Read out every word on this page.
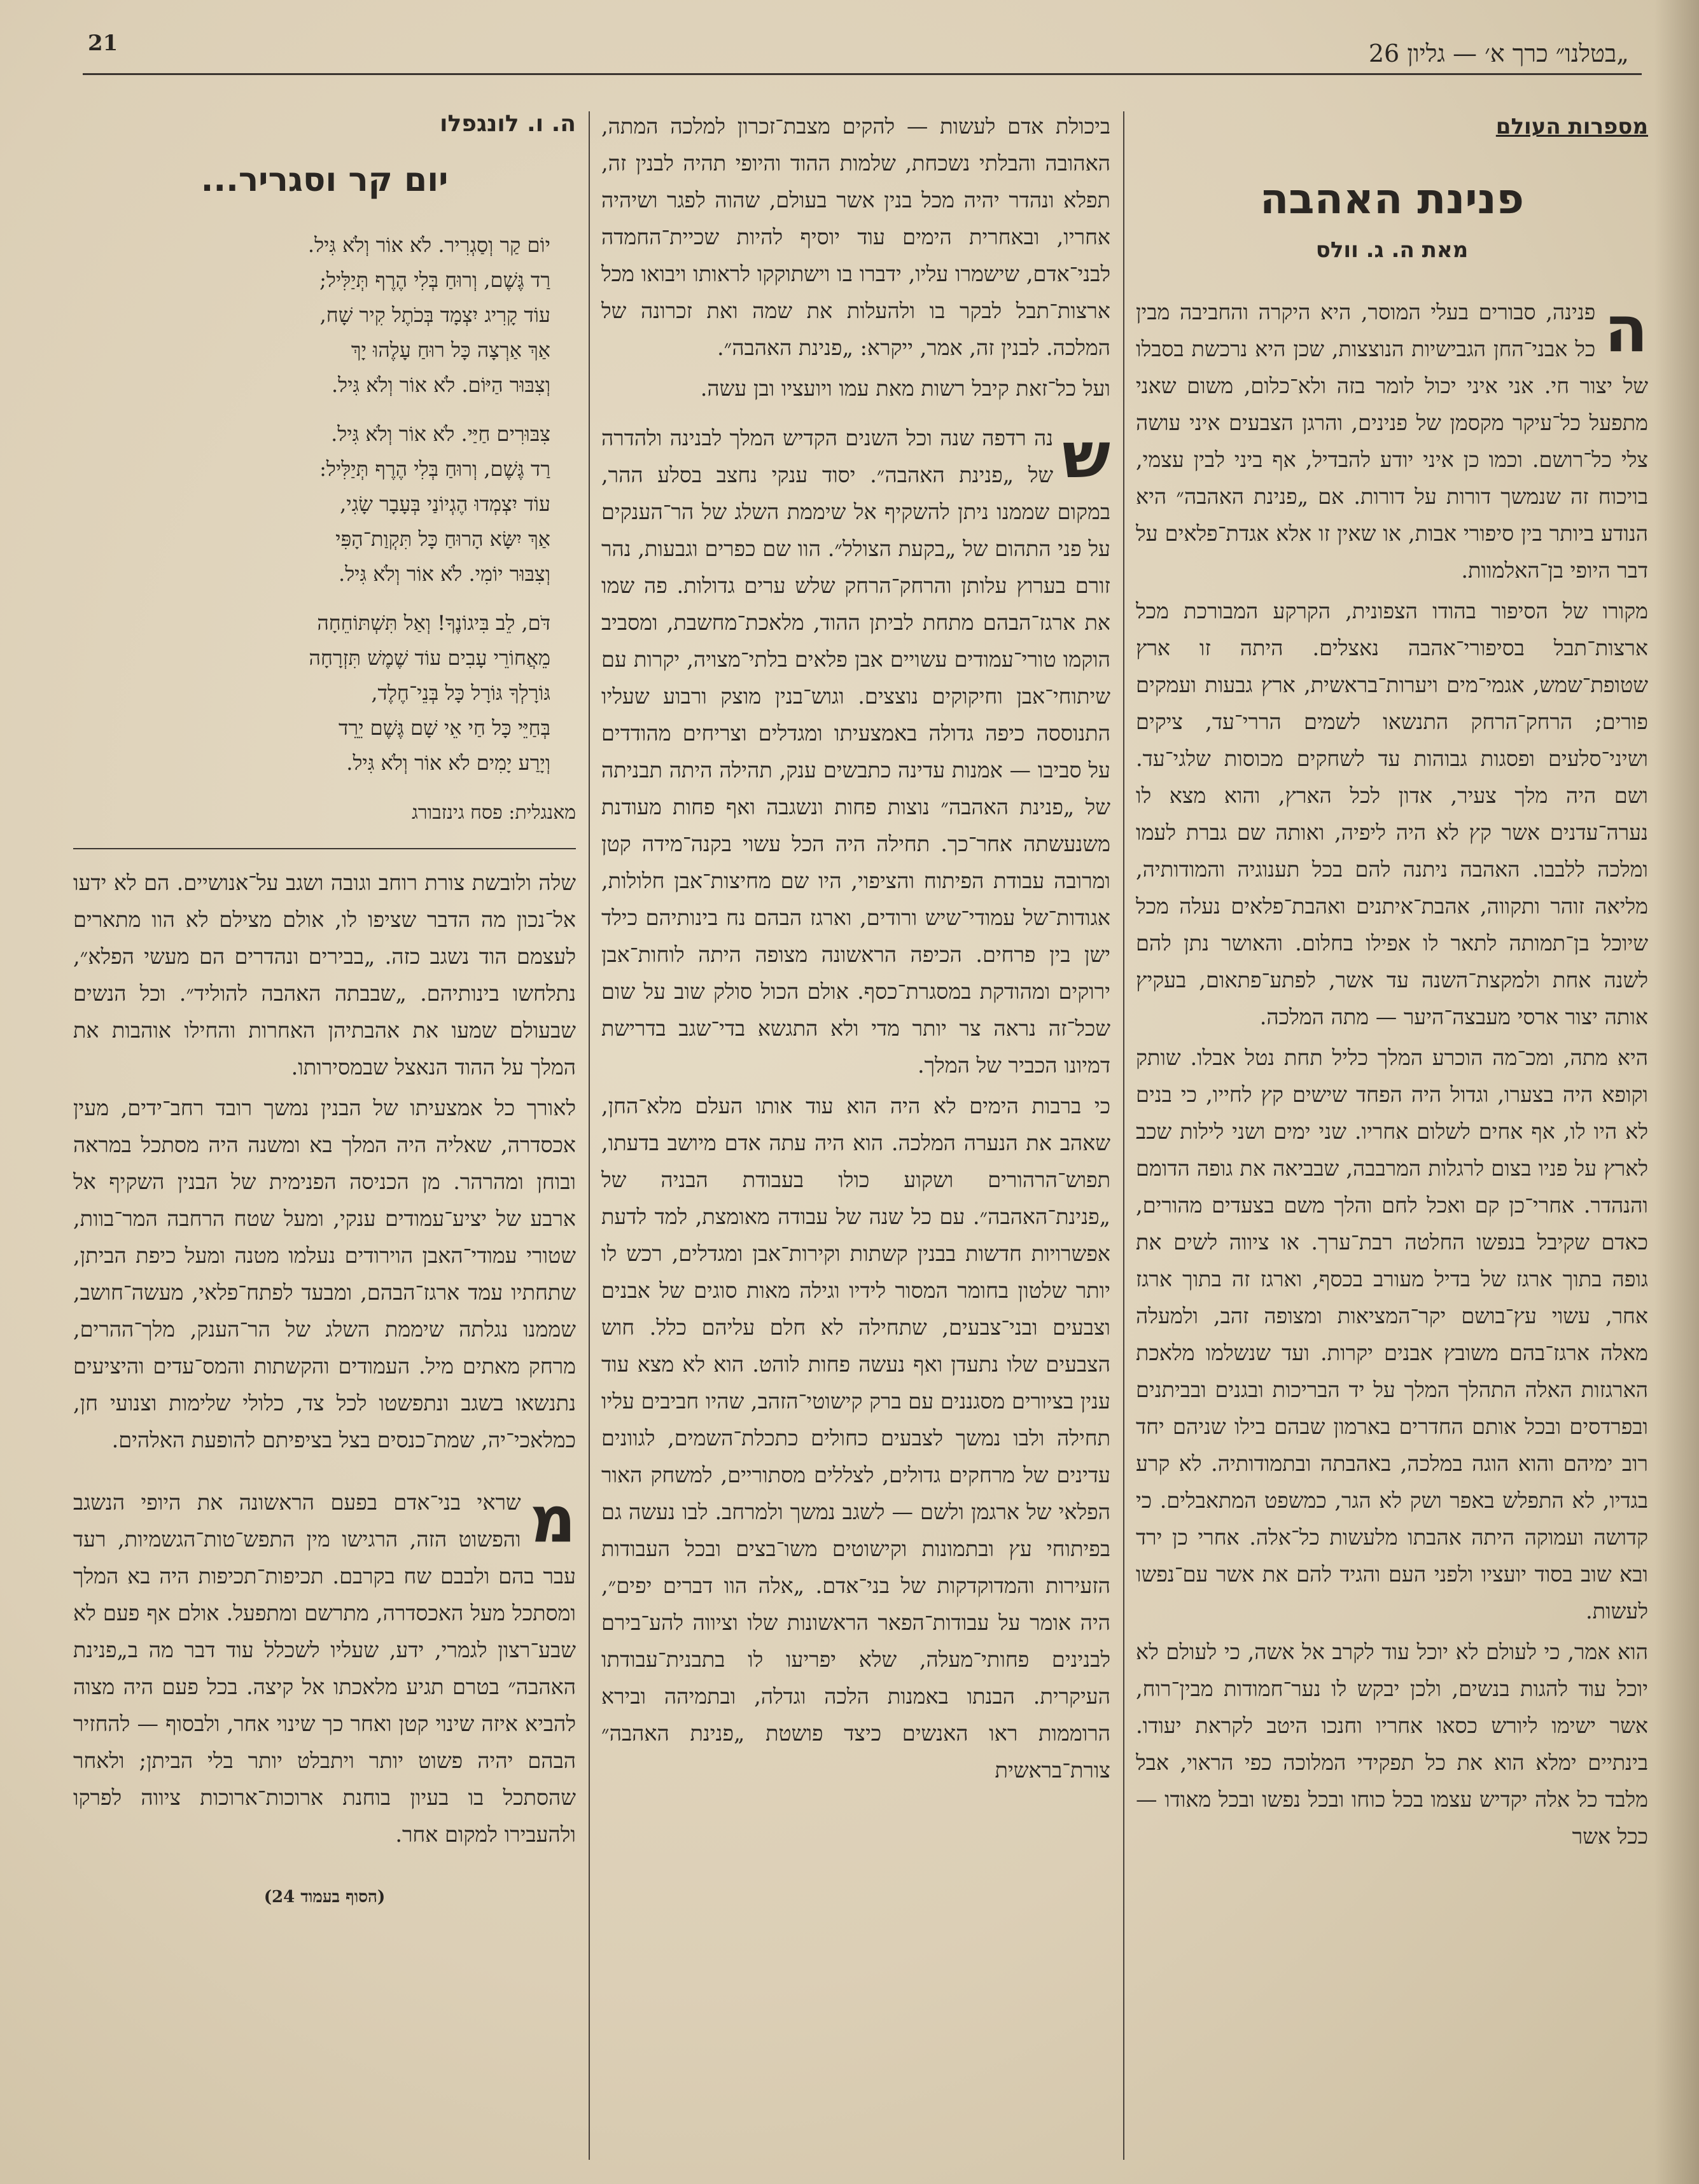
21	„בטלנו״ כרך א׳ — גליון 26
מספרות העולם
פנינת האהבה
מאת ה. ג. וולס

ה
פנינה, סבורים בעלי המוסר, היא היקרה והחביבה מבין כל אבני־החן הגבישיות הנוצצות, שכן היא נרכשת בסבלו של יצור חי. אני איני יכול לומר בזה ולא־כלום, משום שאני מתפעל כל־עיקר מקסמן של פנינים, והרגן הצבעים איני עושה צלי כל־רושם. וכמו כן איני יודע להבדיל, אף ביני לבין עצמי, בויכוח זה שנמשך דורות על דורות. אם „פנינת האהבה״ היא הנודע ביותר בין סיפורי אבות, או שאין זו אלא אגדת־פלאים על דבר היופי בן־האלמוות.

מקורו של הסיפור בהודו הצפונית, הקרקע המבורכת מכל ארצות־תבל בסיפורי־אהבה נאצלים. היתה זו ארץ שטופת־שמש, אגמי־מים ויערות־בראשית, ארץ גבעות ועמקים פורים; הרחק־הרחק התנשאו לשמים הררי־עד, ציקים ושיני־סלעים ופסגות גבוהות עד לשחקים מכוסות שלגי־עד. ושם היה מלך צעיר, אדון לכל הארץ, והוא מצא לו נערה־עדנים אשר קץ לא היה ליפיה, ואותה שם גברת לעמו ומלכה ללבבו. האהבה ניתנה להם בכל תענוגיה והמודותיה, מליאה זוהר ותקווה, אהבת־איתנים ואהבת־פלאים נעלה מכל שיוכל בן־תמותה לתאר לו אפילו בחלום. והאושר נתן להם לשנה אחת ולמקצת־השנה עד אשר, לפתע־פתאום, בעקיץ אותה יצור ארסי מעבצה־היער — מתה המלכה.

היא מתה, ומכ־מה הוכרע המלך כליל תחת נטל אבלו. שותק וקופא היה בצערו, וגדול היה הפחד שישים קץ לחייו, כי בנים לא היו לו, אף אחים לשלום אחריו. שני ימים ושני לילות שכב לארץ על פניו בצום לרגלות המרבבה, שבביאה את גופה הדומם והנהדר. אחרי־כן קם ואכל לחם והלך משם בצעדים מהורים, כאדם שקיבל בנפשו החלטה רבת־ערך. או ציווה לשים את גופה בתוך ארגז של בדיל מעורב בכסף, וארגז זה בתוך ארגז אחר, עשוי עץ־בושם יקר־המציאות ומצופה זהב, ולמעלה מאלה ארגז־בהם משובץ אבנים יקרות. ועד שנשלמו מלאכת הארגזות האלה התהלך המלך על יד הבריכות ובגנים ובביתנים ובפרדסים ובכל אותם החדרים בארמון שבהם בילו שניהם יחד רוב ימיהם והוא הוגה במלכה, באהבתה ובתמודותיה. לא קרע בגדיו, לא התפלש באפר ושק לא הגר, כמשפט המתאבלים. כי קדושה ועמוקה היתה אהבתו מלעשות כל־אלה. אחרי כן ירד ובא שוב בסוד יועציו ולפני העם והגיד להם את אשר עם־נפשו לעשות.

הוא אמר, כי לעולם לא יוכל עוד לקרב אל אשה, כי לעולם לא יוכל עוד להגות בנשים, ולכן יבקש לו נער־חמודות מבין־רוח, אשר ישימו ליורש כסאו אחריו וחנכו היטב לקראת יעודו. בינתיים ימלא הוא את כל תפקידי המלוכה כפי הראוי, אבל מלבד כל אלה יקדיש עצמו בכל כוחו ובכל נפשו ובכל מאודו — ככל אשר

ביכולת אדם לעשות — להקים מצבת־זכרון למלכה המתה, האהובה והבלתי נשכחת, שלמות ההוד והיופי תהיה לבנין זה, תפלא ונהדר יהיה מכל בנין אשר בעולם, שהוה לפגר ושיהיה אחריו, ובאחרית הימים עוד יוסיף להיות שכיית־החמדה לבני־אדם, שישמרו עליו, ידברו בו וישתוקקו לראותו ויבואו מכל ארצות־תבל לבקר בו ולהעלות את שמה ואת זכרונה של המלכה. לבנין זה, אמר, ייקרא: „פנינת האהבה״.

ועל כל־זאת קיבל רשות מאת עמו ויועציו ובן עשה.

ש
נה רדפה שנה וכל השנים הקדיש המלך לבנינה ולהדרה של „פנינת האהבה״. יסוד ענקי נחצב בסלע ההר, במקום שממנו ניתן להשקיף אל שיממת השלג של הר־הענקים על פני התהום של „בקעת הצולל״. הוו שם כפרים וגבעות, נהר זורם בערוץ עלותן והרחק־הרחק שלש ערים גדולות. פה שמו את ארגז־הבהם מתחת לביתן ההוד, מלאכת־מחשבת, ומסביב הוקמו טורי־עמודים עשויים אבן פלאים בלתי־מצויה, יקרות עם שיתוחי־אבן וחיקוקים נוצצים. וגוש־בנין מוצק ורבוע שעליו התנוססה כיפה גדולה באמצעיתו ומגדלים וצריחים מהודדים על סביבו — אמנות עדינה כתבשים ענק, תהילה היתה תבניתה של „פנינת האהבה״ נוצות פחות ונשגבה ואף פחות מעודנת משנעשתה אחר־כך. תחילה היה הכל עשוי בקנה־מידה קטן ומרובה עבודת הפיתוח והציפוי, היו שם מחיצות־אבן חלולות, אגודות־של עמודי־שיש ורודים, וארגז הבהם נח בינותיהם כילד ישן בין פרחים. הכיפה הראשונה מצופה היתה לוחות־אבן ירוקים ומהודקת במסגרת־כסף. אולם הכול סולק שוב על שום שכל־זה נראה צר יותר מדי ולא התגשא בדי־שגב בדרישת דמיונו הכביר של המלך.

כי ברבות הימים לא היה הוא עוד אותו העלם מלא־החן, שאהב את הנערה המלכה. הוא היה עתה אדם מיושב בדעתו, תפוש־הרהורים ושקוע כולו בעבודת הבניה של „פנינת־האהבה״. עם כל שנה של עבודה מאומצת, למד לדעת אפשרויות חדשות בבנין קשתות וקירות־אבן ומגדלים, רכש לו יותר שלטון בחומר המסור לידיו וגילה מאות סוגים של אבנים וצבעים ובני־צבעים, שתחילה לא חלם עליהם כלל. חוש הצבעים שלו נתעדן ואף נעשה פחות לוהט. הוא לא מצא עוד ענין בציורים מסגננים עם ברק קישוטי־הזהב, שהיו חביבים עליו תחילה ולבו נמשך לצבעים כחולים כתכלת־השמים, לגוונים עדינים של מרחקים גדולים, לצללים מסתוריים, למשחק האור הפלאי של ארגמן ולשם — לשגב נמשך ולמרחב. לבו נעשה גם בפיתוחי עץ ובתמונות וקישוטים משו־בצים ובכל העבודות הזעירות והמדוקדקות של בני־אדם. „אלה הוו דברים יפים״, היה אומר על עבודות־הפאר הראשונות שלו וציווה להע־בירם לבנינים פחותי־מעלה, שלא יפריעו לו בתבנית־עבודתו העיקרית. הבנתו באמנות הלכה וגדלה, ובתמיהה ובירא הרוממות ראו האנשים כיצד פושטת „פנינת האהבה״ צורת־בראשית

ה. ו. לונגפלו
יום קר וסגריר...
יוֹם קַר וְסַגְרִיר. לֹא אוֹר וְלֹא גִּיל.
רַד גֶּשֶׁם, וְרוּחַ בְּלִי הֶרֶף תְּיַלִּיל;
עוֹד קָרִיג יִצְמָד בְּכֹתֶל קִיר שָׁח,
אַךְ אַרְצָה כָּל רוּחַ עָלֶהוּ יָךְ
וְצִבּוּר הַיּוֹם. לֹא אוֹר וְלֹא גִּיל.
צִבּוּרִים חַיַּי. לֹא אוֹר וְלֹא גִּיל.
רַד גֶּשֶׁם, וְרוּחַ בְּלִי הֶרֶף תְּיַלִּיל:
עוֹד יִצְמְדוּ הֶגְיוֹנַי בְּעָבָר שָׂגִי,
אַךְ יִשָּׂא הָרוּחַ כָּל תִּקְוַת־הָפִּי
וְצִבּוּר יוֹמִי. לֹא אוֹר וְלֹא גִּיל.
דֹּם, לֵב בִּיגוֹנֶךָ! וְאַל תִּשְׁתּוֹחֵחָה
מֵאֲחוֹרֵי עָבִים עוֹד שֶׁמֶשׁ תִּזְרָחָה
גּוֹרָלְךָ גּוֹרָל כָּל בְּנֵי־חֶלֶד,
בְּחַיֵּי כָּל חַי אֵי שָׁם גֶּשֶׁם יֵרֵד
וְיָרַע יָמִים לֹא אוֹר וְלֹא גִּיל.
מאנגלית: פסח גינזבורג

שלה ולובשת צורת רוחב וגובה ושגב על־אנושיים. הם לא ידעו אל־נכון מה הדבר שציפו לו, אולם מצילם לא הוו מתארים לעצמם הוד נשגב כזה. „בבירים ונהדרים הם מעשי הפלא״, נתלחשו בינותיהם. „שבבתה האהבה להוליד״. וכל הנשים שבעולם שמעו את אהבתיהן האחרות והחילו אוהבות את המלך על ההוד הנאצל שבמסירותו.

לאורך כל אמצעיתו של הבנין נמשך רובד רחב־ידים, מעין אכסדרה, שאליה היה המלך בא ומשנה היה מסתכל במראה ובוחן ומהרהר. מן הכניסה הפנימית של הבנין השקיף אל ארבע של יציע־עמודים ענקי, ומעל שטח הרחבה המר־בוות, שטורי עמודי־האבן הוירודים נעלמו מטנה ומעל כיפת הביתן, שתחתיו עמד ארגז־הבהם, ומבעד לפתח־פלאי, מעשה־חושב, שממנו נגלתה שיממת השלג של הר־הענק, מלך־ההרים, מרחק מאתים מיל. העמודים והקשתות והמס־עדים והיציעים נתנשאו בשגב ונתפשטו לכל צד, כלולי שלימות וצנועי חן, כמלאכי־יה, שמת־כנסים בצל בציפיתם להופעת האלהים.

מ
שראי בני־אדם בפעם הראשונה את היופי הנשגב והפשוט הזה, הרגישו מין התפש־טות־הגשמיות, רעד עבר בהם ולבבם שח בקרבם. תכיפות־תכיפות היה בא המלך ומסתכל מעל האכסדרה, מתרשם ומתפעל. אולם אף פעם לא שבע־רצון לגמרי, ידע, שעליו לשכלל עוד דבר מה ב„פנינת האהבה״ בטרם תגיע מלאכתו אל קיצה. בכל פעם היה מצוה להביא איזה שינוי קטן ואחר כך שינוי אחר, ולבסוף — להחזיר הבהם יהיה פשוט יותר ויתבלט יותר בלי הביתן; ולאחר שהסתכל בו בעיון בוחנת ארוכות־ארוכות ציווה לפרקו ולהעבירו למקום אחר.

(הסוף בעמוד 24)
